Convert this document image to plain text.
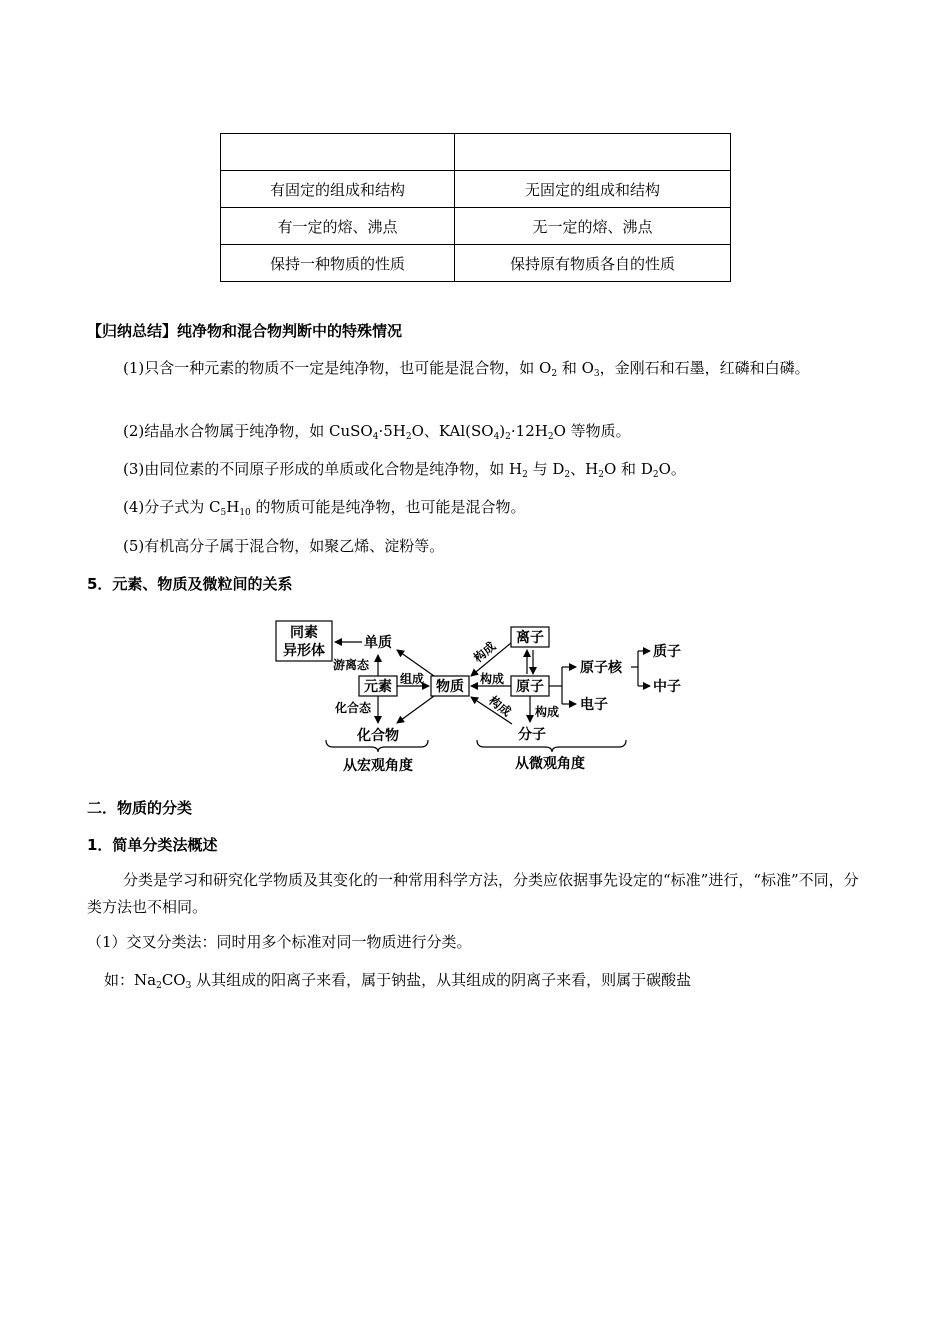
有固定的组成和结构	无固定的组成和结构
有一定的熔、沸点	无一定的熔、沸点
保持一种物质的性质	保持原有物质各自的性质
【归纳总结】纯净物和混合物判断中的特殊情况
(1)只含一种元素的物质不一定是纯净物，也可能是混合物，如 $O_2$ 和 $O_3$，金刚石和石墨，红磷和白磷。
(2)结晶水合物属于纯净物，如 $CuSO_4\cdot 5H_2O$、$KAl(SO_4)_2\cdot 12H_2O$ 等物质。
(3)由同位素的不同原子形成的单质或化合物是纯净物，如 $H_2$ 与 $D_2$、$H_2O$ 和 $D_2O$。
(4)分子式为 $C_5H_{10}$ 的物质可能是纯净物，也可能是混合物。
(5)有机高分子属于混合物，如聚乙烯、淀粉等。
5．元素、物质及微粒间的关系
同素
异形体	单质
元素	物质
化合物
离子
原子
分子
原子核
电子
质子
中子
从宏观角度	从微观角度
游离态
组成
化合态
构成
构成
构成 构成
二．物质的分类
1．简单分类法概述
分类是学习和研究化学物质及其变化的一种常用科学方法，分类应依据事先设定的“标准”进行，“标准”不同，分类方法也不相同。
（1）交叉分类法：同时用多个标准对同一物质进行分类。
如：$Na_2CO_3$ 从其组成的阳离子来看，属于钠盐，从其组成的阴离子来看，则属于碳酸盐
